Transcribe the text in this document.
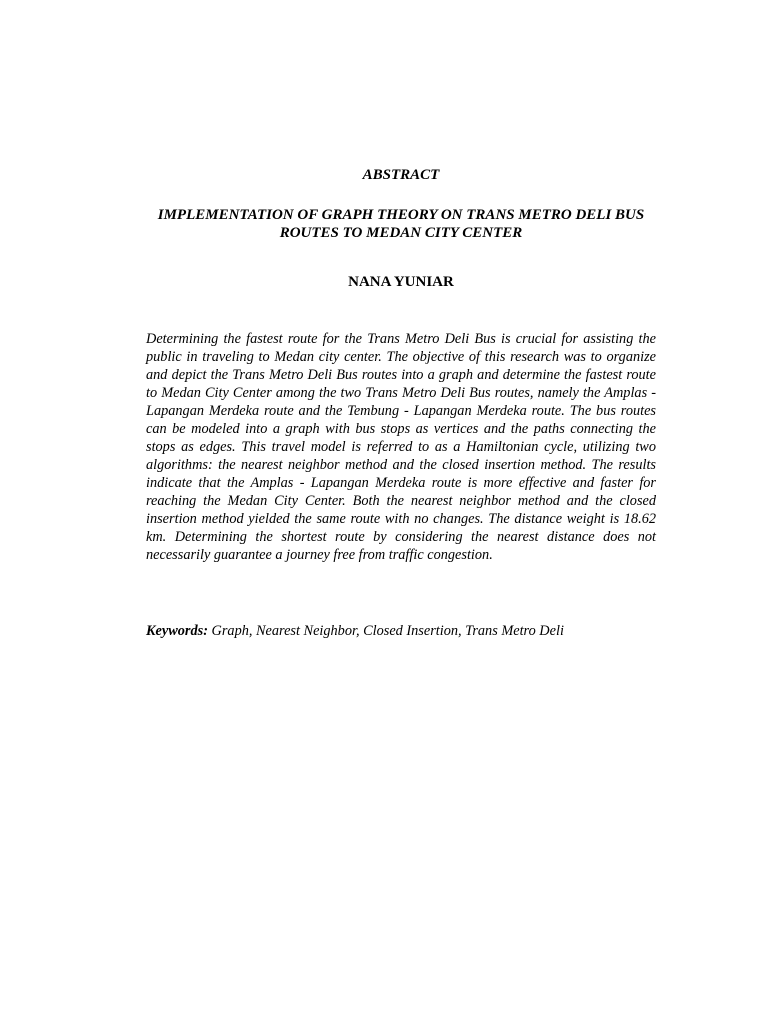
ABSTRACT
IMPLEMENTATION OF GRAPH THEORY ON TRANS METRO DELI BUS ROUTES TO MEDAN CITY CENTER

NANA YUNIAR

Determining the fastest route for the Trans Metro Deli Bus is crucial for assisting the public in traveling to Medan city center. The objective of this research was to organize and depict the Trans Metro Deli Bus routes into a graph and determine the fastest route to Medan City Center among the two Trans Metro Deli Bus routes, namely the Amplas - Lapangan Merdeka route and the Tembung - Lapangan Merdeka route. The bus routes can be modeled into a graph with bus stops as vertices and the paths connecting the stops as edges. This travel model is referred to as a Hamiltonian cycle, utilizing two algorithms: the nearest neighbor method and the closed insertion method. The results indicate that the Amplas - Lapangan Merdeka route is more effective and faster for reaching the Medan City Center. Both the nearest neighbor method and the closed insertion method yielded the same route with no changes. The distance weight is 18.62 km. Determining the shortest route by considering the nearest distance does not necessarily guarantee a journey free from traffic congestion.

Keywords: Graph, Nearest Neighbor, Closed Insertion, Trans Metro Deli
